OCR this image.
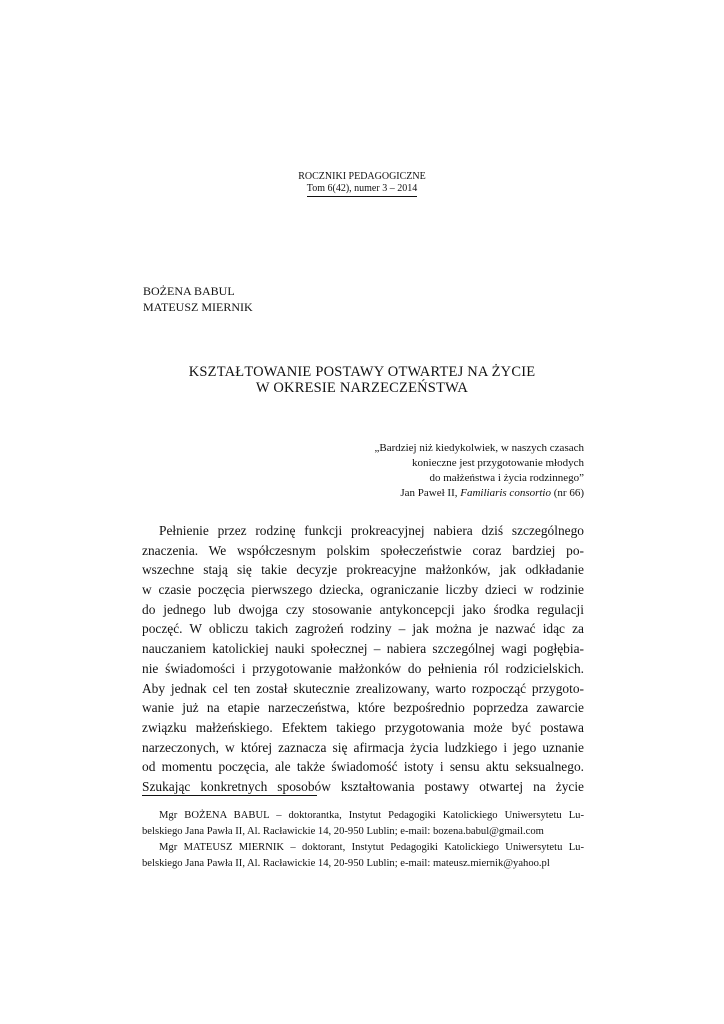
ROCZNIKI PEDAGOGICZNE
Tom 6(42), numer 3 – 2014
BOŻENA BABUL
MATEUSZ MIERNIK
KSZTAŁTOWANIE POSTAWY OTWARTEJ NA ŻYCIE
W OKRESIE NARZECZEŃSTWA
„Bardziej niż kiedykolwiek, w naszych czasach
konieczne jest przygotowanie młodych
do małżeństwa i życia rodzinnego”
Jan Paweł II, Familiaris consortio (nr 66)
Pełnienie przez rodzinę funkcji prokreacyjnej nabiera dziś szczególnego
znaczenia. We współczesnym polskim społeczeństwie coraz bardziej po-
wszechne stają się takie decyzje prokreacyjne małżonków, jak odkładanie
w czasie poczęcia pierwszego dziecka, ograniczanie liczby dzieci w rodzinie
do jednego lub dwojga czy stosowanie antykoncepcji jako środka regulacji
poczęć. W obliczu takich zagrożeń rodziny – jak można je nazwać idąc za
nauczaniem katolickiej nauki społecznej – nabiera szczególnej wagi pogłębia-
nie świadomości i przygotowanie małżonków do pełnienia ról rodzicielskich.
Aby jednak cel ten został skutecznie zrealizowany, warto rozpocząć przygoto-
wanie już na etapie narzeczeństwa, które bezpośrednio poprzedza zawarcie
związku małżeńskiego. Efektem takiego przygotowania może być postawa
narzeczonych, w której zaznacza się afirmacja życia ludzkiego i jego uznanie
od momentu poczęcia, ale także świadomość istoty i sensu aktu seksualnego.
Szukając konkretnych sposobów kształtowania postawy otwartej na życie
Mgr BOŻENA BABUL – doktorantka, Instytut Pedagogiki Katolickiego Uniwersytetu Lu-
belskiego Jana Pawła II, Al. Racławickie 14, 20-950 Lublin; e-mail: bozena.babul@gmail.com
Mgr MATEUSZ MIERNIK – doktorant, Instytut Pedagogiki Katolickiego Uniwersytetu Lu-
belskiego Jana Pawła II, Al. Racławickie 14, 20-950 Lublin; e-mail: mateusz.miernik@yahoo.pl
